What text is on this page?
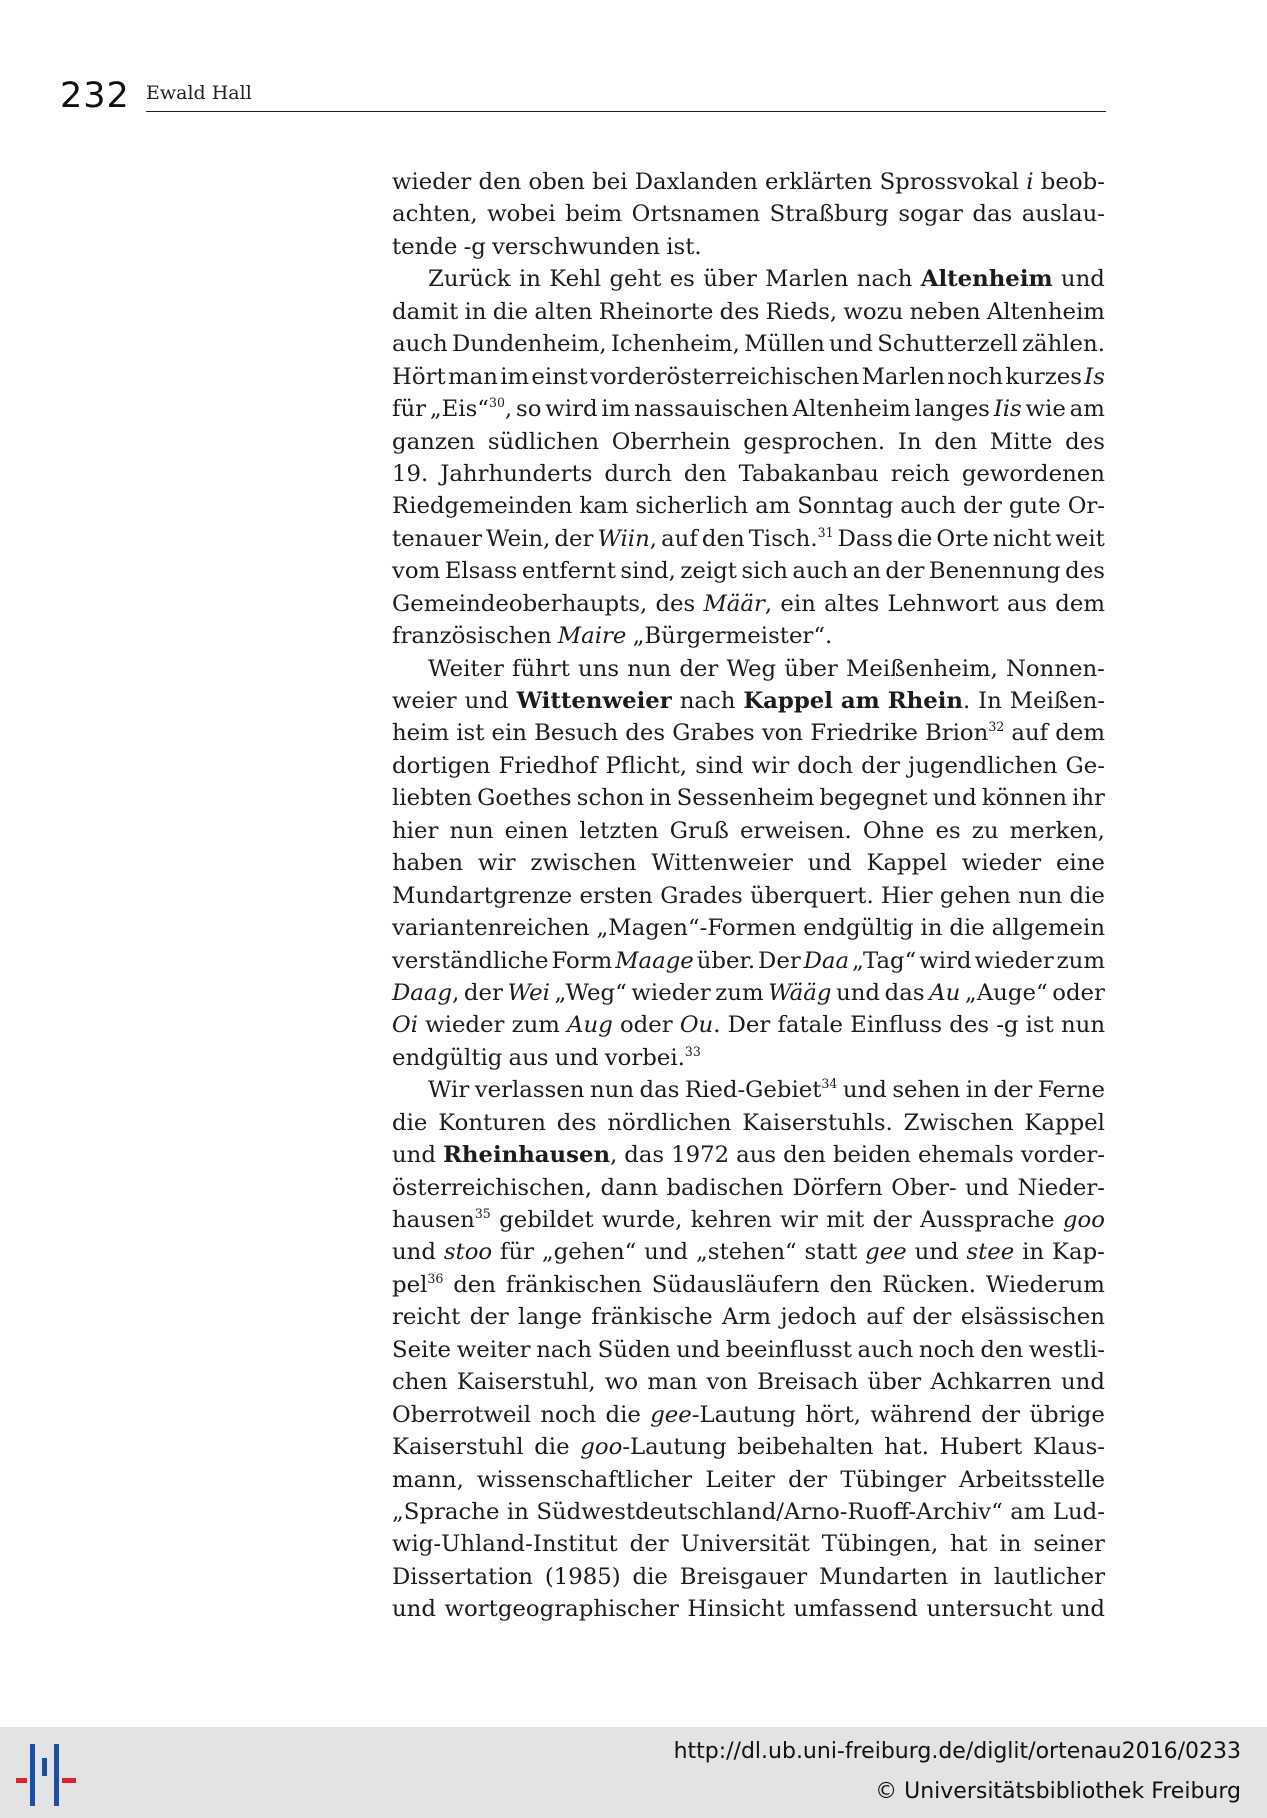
232 Ewald Hall
wieder den oben bei Daxlanden erklärten Sprossvokal i beob-
achten, wobei beim Ortsnamen Straßburg sogar das auslau-
tende -g verschwunden ist.
Zurück in Kehl geht es über Marlen nach Altenheim und
damit in die alten Rheinorte des Rieds, wozu neben Altenheim
auch Dundenheim, Ichenheim, Müllen und Schutterzell zählen.
Hört man im einst vorderösterreichischen Marlen noch kurzes Is
für „Eis“$^{30}$, so wird im nassauischen Altenheim langes Iis wie am
ganzen südlichen Oberrhein gesprochen. In den Mitte des
19. Jahrhunderts durch den Tabakanbau reich gewordenen
Riedgemeinden kam sicherlich am Sonntag auch der gute Or-
tenauer Wein, der Wiin, auf den Tisch.$^{31}$ Dass die Orte nicht weit
vom Elsass entfernt sind, zeigt sich auch an der Benennung des
Gemeindeoberhaupts, des Määr, ein altes Lehnwort aus dem
französischen Maire „Bürgermeister“.
Weiter führt uns nun der Weg über Meißenheim, Nonnen-
weier und Wittenweier nach Kappel am Rhein. In Meißen-
heim ist ein Besuch des Grabes von Friedrike Brion$^{32}$ auf dem
dortigen Friedhof Pflicht, sind wir doch der jugendlichen Ge-
liebten Goethes schon in Sessenheim begegnet und können ihr
hier nun einen letzten Gruß erweisen. Ohne es zu merken,
haben wir zwischen Wittenweier und Kappel wieder eine
Mundartgrenze ersten Grades überquert. Hier gehen nun die
variantenreichen „Magen“-Formen endgültig in die allgemein
verständliche Form Maage über. Der Daa „Tag“ wird wieder zum
Daag, der Wei „Weg“ wieder zum Wääg und das Au „Auge“ oder
Oi wieder zum Aug oder Ou. Der fatale Einfluss des -g ist nun
endgültig aus und vorbei.$^{33}$
Wir verlassen nun das Ried-Gebiet$^{34}$ und sehen in der Ferne
die Konturen des nördlichen Kaiserstuhls. Zwischen Kappel
und Rheinhausen, das 1972 aus den beiden ehemals vorder-
österreichischen, dann badischen Dörfern Ober- und Nieder-
hausen$^{35}$ gebildet wurde, kehren wir mit der Aussprache goo
und stoo für „gehen“ und „stehen“ statt gee und stee in Kap-
pel$^{36}$ den fränkischen Südausläufern den Rücken. Wiederum
reicht der lange fränkische Arm jedoch auf der elsässischen
Seite weiter nach Süden und beeinflusst auch noch den westli-
chen Kaiserstuhl, wo man von Breisach über Achkarren und
Oberrotweil noch die gee-Lautung hört, während der übrige
Kaiserstuhl die goo-Lautung beibehalten hat. Hubert Klaus-
mann, wissenschaftlicher Leiter der Tübinger Arbeitsstelle
„Sprache in Südwestdeutschland/Arno-Ruoff-Archiv“ am Lud-
wig-Uhland-Institut der Universität Tübingen, hat in seiner
Dissertation (1985) die Breisgauer Mundarten in lautlicher
und wortgeographischer Hinsicht umfassend untersucht und
http://dl.ub.uni-freiburg.de/diglit/ortenau2016/0233
© Universitätsbibliothek Freiburg
